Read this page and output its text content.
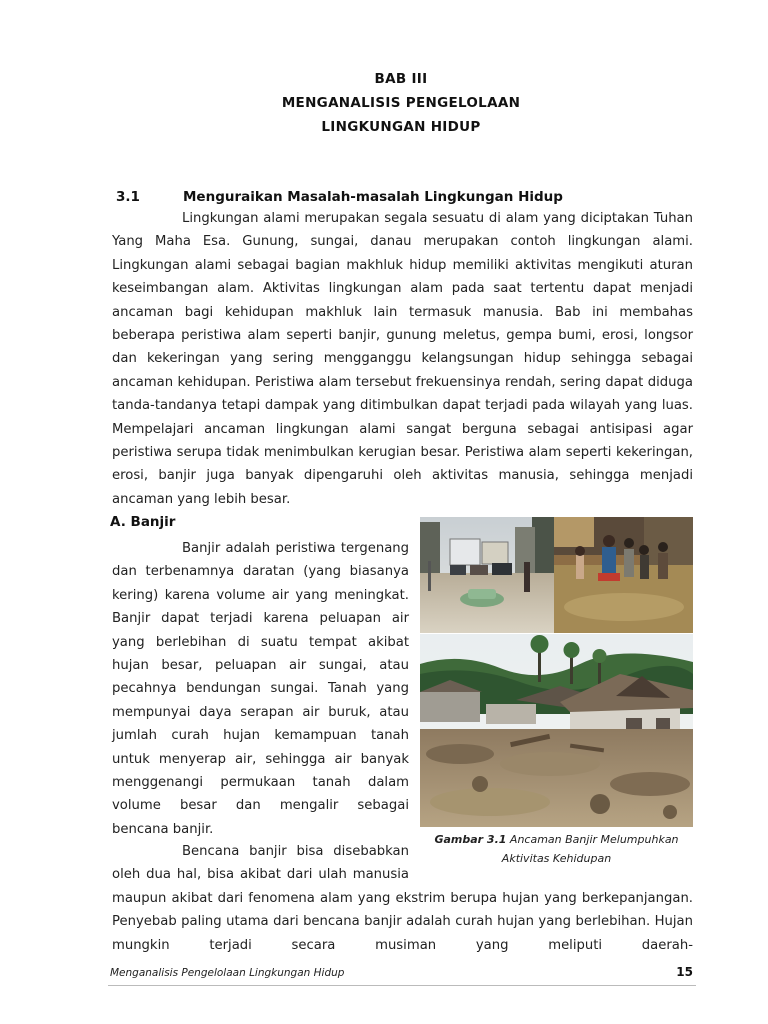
BAB III
MENGANALISIS PENGELOLAAN
LINGKUNGAN HIDUP
3.1	Menguraikan Masalah-masalah Lingkungan Hidup

Lingkungan alami merupakan segala sesuatu di alam yang diciptakan Tuhan Yang Maha Esa. Gunung, sungai, danau merupakan contoh lingkungan alami. Lingkungan alami sebagai bagian makhluk hidup memiliki aktivitas mengikuti aturan keseimbangan alam. Aktivitas lingkungan alam pada saat tertentu dapat menjadi ancaman bagi kehidupan makhluk lain termasuk manusia. Bab ini membahas beberapa peristiwa alam seperti banjir, gunung meletus, gempa bumi, erosi, longsor dan kekeringan yang sering mengganggu kelangsungan hidup sehingga sebagai ancaman kehidupan. Peristiwa alam tersebut frekuensinya rendah, sering dapat diduga tanda-tandanya tetapi dampak yang ditimbulkan dapat terjadi pada wilayah yang luas. Mempelajari ancaman lingkungan alami sangat berguna sebagai antisipasi agar peristiwa serupa tidak menimbulkan kerugian besar. Peristiwa alam seperti kekeringan, erosi, banjir juga banyak dipengaruhi oleh aktivitas manusia, sehingga menjadi ancaman yang lebih besar.

A. Banjir

Banjir adalah peristiwa tergenang dan terbenamnya daratan (yang biasanya kering) karena volume air yang meningkat. Banjir dapat terjadi karena peluapan air yang berlebihan di suatu tempat akibat hujan besar, peluapan air sungai, atau pecahnya bendungan sungai. Tanah yang mempunyai daya serapan air buruk, atau jumlah curah hujan kemampuan tanah untuk menyerap air, sehingga air banyak menggenangi permukaan tanah dalam volume besar dan mengalir sebagai bencana banjir.

Bencana banjir bisa disebabkan oleh dua hal, bisa akibat dari ulah manusia

maupun akibat dari fenomena alam yang ekstrim berupa hujan yang berkepanjangan. Penyebab paling utama dari bencana banjir adalah curah hujan yang berlebihan. Hujan mungkin terjadi secara musiman yang meliputi daerah-

Gambar 3.1 Ancaman Banjir Melumpuhkan
Aktivitas Kehidupan
Menganalisis Pengelolaan Lingkungan Hidup	15
